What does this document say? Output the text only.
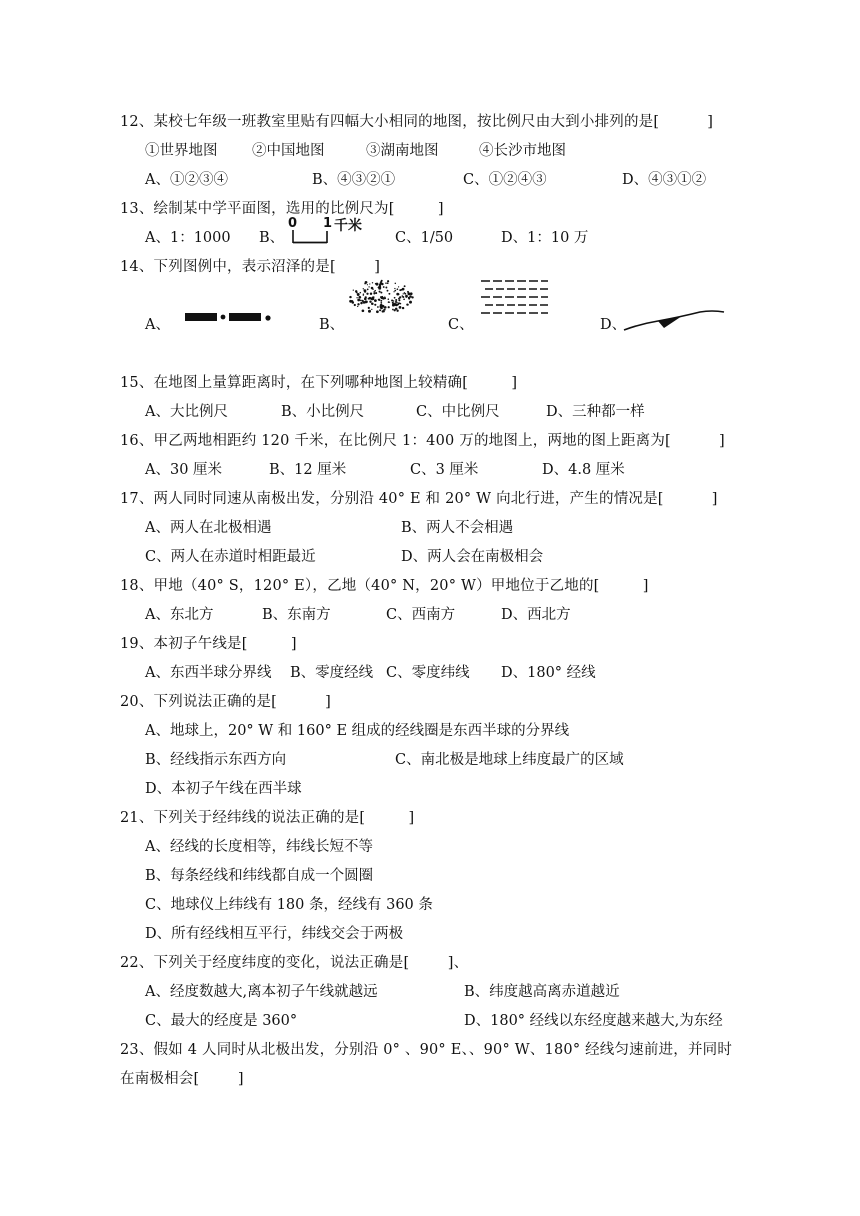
12、某校七年级一班教室里贴有四幅大小相同的地图，按比例尺由大到小排列的是[          ]
①世界地图 ②中国地图	③湖南地图	④长沙市地图
A、①②③④	B、④③②①	C、①②④③	D、④③①②
13、绘制某中学平面图，选用的比例尺为[         ]
A、1：1000 B、
0 1 千米
C、1/50	D、1：10 万
14、下列图例中，表示沼泽的是[        ]
A、	B、	C、	D、
15、在地图上量算距离时，在下列哪种地图上较精确[         ]
A、大比例尺	B、小比例尺	C、中比例尺	D、三种都一样
16、甲乙两地相距约 120 千米，在比例尺 1：400 万的地图上，两地的图上距离为[          ]
A、30 厘米	B、12 厘米	C、3 厘米	D、4.8 厘米
17、两人同时同速从南极出发，分别沿 40° E 和 20° W 向北行进，产生的情况是[          ]
A、两人在北极相遇	B、两人不会相遇
C、两人在赤道时相距最近	D、两人会在南极相会
18、甲地（40° S，120° E），乙地（40° N，20° W）甲地位于乙地的[         ]
A、东北方	B、东南方	C、西南方	D、西北方
19、本初子午线是[         ]
A、东西半球分界线 B、零度经线 C、零度纬线 D、180° 经线
20、下列说法正确的是[          ]
A、地球上，20° W 和 160° E 组成的经线圈是东西半球的分界线
B、经线指示东西方向	C、南北极是地球上纬度最广的区域
D、本初子午线在西半球
21、下列关于经纬线的说法正确的是[         ]
A、经线的长度相等，纬线长短不等
B、每条经线和纬线都自成一个圆圈
C、地球仪上纬线有 180 条，经线有 360 条
D、所有经线相互平行，纬线交会于两极
22、下列关于经度纬度的变化，说法正确是[        ]、
A、经度数越大,离本初子午线就越远	B、纬度越高离赤道越近
C、最大的经度是 360°	D、180° 经线以东经度越来越大,为东经
23、假如 4 人同时从北极出发，分别沿 0° 、90° E、、90° W、180° 经线匀速前进，并同时
在南极相会[        ]
